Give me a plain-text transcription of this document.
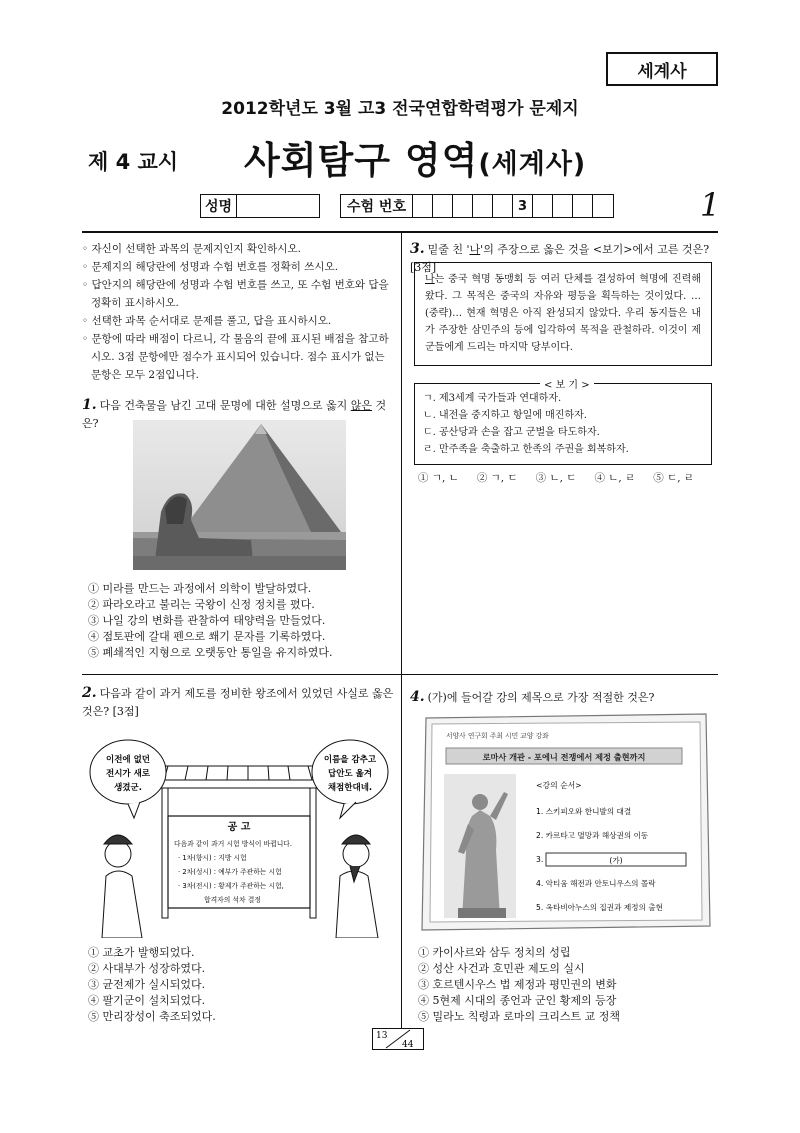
세계사
2012학년도 3월 고3 전국연합학력평가 문제지
제 4 교시 사회탐구 영역(세계사)
성명	수험 번호	3	1
◦ 자신이 선택한 과목의 문제지인지 확인하시오.
◦ 문제지의 해당란에 성명과 수험 번호를 정확히 쓰시오.
◦ 답안지의 해당란에 성명과 수험 번호를 쓰고, 또 수험 번호와 답을 정확히 표시하시오.
◦ 선택한 과목 순서대로 문제를 풀고, 답을 표시하시오.
◦ 문항에 따라 배점이 다르니, 각 물음의 끝에 표시된 배점을 참고하시오. 3점 문항에만 점수가 표시되어 있습니다. 점수 표시가 없는 문항은 모두 2점입니다.
1. 다음 건축물을 남긴 고대 문명에 대한 설명으로 옳지 않은 것은?
① 미라를 만드는 과정에서 의학이 발달하였다.
② 파라오라고 불리는 국왕이 신정 정치를 폈다.
③ 나일 강의 변화를 관찰하여 태양력을 만들었다.
④ 점토판에 갈대 펜으로 쐐기 문자를 기록하였다.
⑤ 폐쇄적인 지형으로 오랫동안 통일을 유지하였다.
2. 다음과 같이 과거 제도를 정비한 왕조에서 있었던 사실로 옳은 것은? [3점]
공 고
다음과 같이 과거 시험 방식이 바뀝니다.
· 1차(향시) : 지방 시험
· 2차(성시) : 예부가 주관하는 시험
· 3차(전시) : 황제가 주관하는 시험,
합격자의 석차 결정
이전에 없던
전시가 새로
생겼군.
이름을 감추고
답안도 옮겨
채점한대네.
① 교초가 발행되었다.
② 사대부가 성장하였다.
③ 균전제가 실시되었다.
④ 팔기군이 설치되었다.
⑤ 만리장성이 축조되었다.
3. 밑줄 친 '나'의 주장으로 옳은 것을 <보기>에서 고른 것은? [3점]
나는 중국 혁명 동맹회 등 여러 단체를 결성하여 혁명에 진력해 왔다. 그 목적은 중국의 자유와 평등을 획득하는 것이었다. …(중략)… 현재 혁명은 아직 완성되지 않았다. 우리 동지들은 내가 주장한 삼민주의 등에 입각하여 목적을 관철하라. 이것이 제군들에게 드리는 마지막 당부이다.
ㄱ. 제3세계 국가들과 연대하자.
ㄴ. 내전을 중지하고 항일에 매진하자.
ㄷ. 공산당과 손을 잡고 군벌을 타도하자.
ㄹ. 만주족을 축출하고 한족의 주권을 회복하자.
< 보 기 >
① ㄱ, ㄴ ② ㄱ, ㄷ ③ ㄴ, ㄷ ④ ㄴ, ㄹ ⑤ ㄷ, ㄹ
4. (가)에 들어갈 강의 제목으로 가장 적절한 것은?
서양사 연구회 주최 시민 교양 강좌
로마사 개관 - 포에니 전쟁에서 제정 출현까지
<강의 순서>
1. 스키피오와 한니발의 대결
2. 카르타고 멸망과 해상권의 이동
3.	(가)
4. 악티움 해전과 안토니우스의 몰락
5. 옥타비아누스의 집권과 제정의 출현
① 카이사르와 삼두 정치의 성립
② 성산 사건과 호민관 제도의 실시
③ 호르텐시우스 법 제정과 평민권의 변화
④ 5현제 시대의 종언과 군인 황제의 등장
⑤ 밀라노 칙령과 로마의 크리스트 교 정책
13
44
